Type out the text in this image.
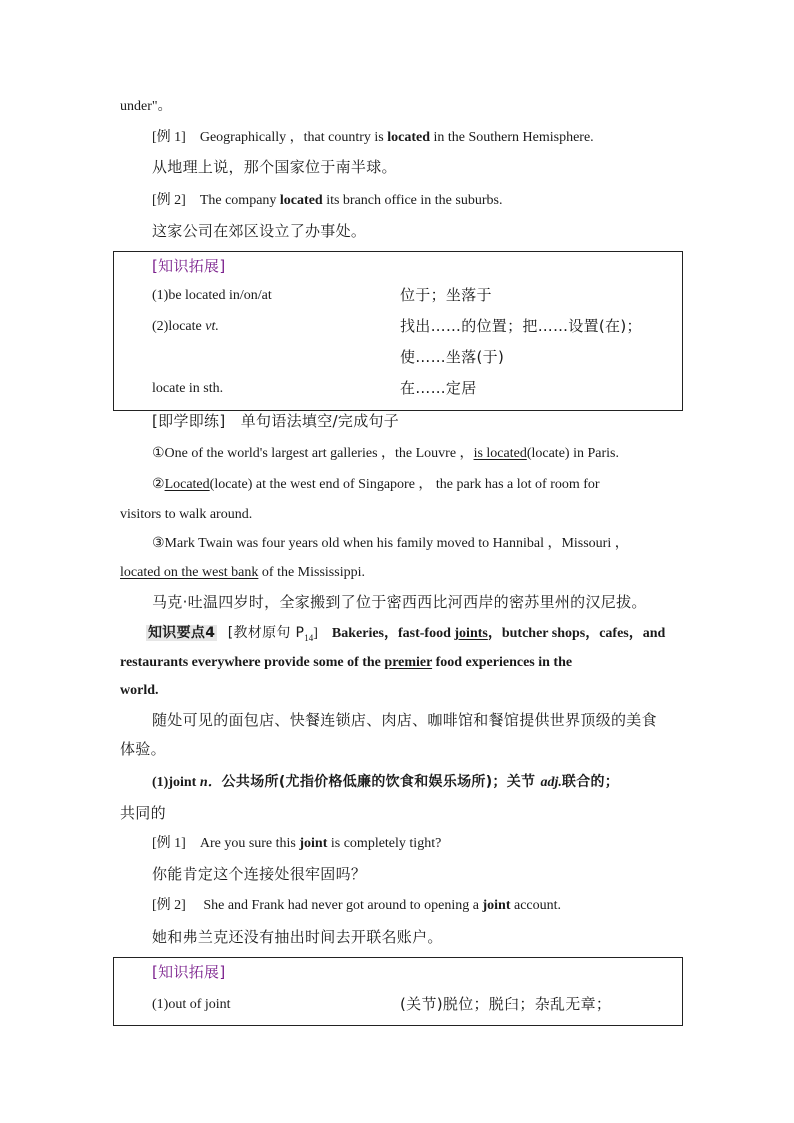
under"。
[例 1] Geographically ，that country is located in the Southern Hemisphere.
从地理上说，那个国家位于南半球。
[例 2] The company located its branch office in the suburbs.
这家公司在郊区设立了办事处。
[知识拓展]
(1)be located in/on/at	位于；坐落于
(2)locate vt.	找出……的位置；把……设置(在)；
使……坐落(于)
locate in sth.	在……定居
[即学即练] 单句语法填空/完成句子
①One of the world's largest art galleries ，the Louvre ，is located(locate) in Paris.
②Located(locate) at the west end of Singapore ， the park has a lot of room for
visitors to walk around.
③Mark Twain was four years old when his family moved to Hannibal ，Missouri ，
located on the west bank of the Mississippi.
马克·吐温四岁时，全家搬到了位于密西西比河西岸的密苏里州的汉尼拔。
知识要点4 [教材原句 $P_{14}$] Bakeries，fast-food joints，butcher shops，cafes，and
restaurants everywhere provide some of the premier food experiences in the
world.
随处可见的面包店、快餐连锁店、肉店、咖啡馆和餐馆提供世界顶级的美食
体验。
(1)joint n．公共场所(尤指价格低廉的饮食和娱乐场所)；关节 adj.联合的；
共同的
[例 1] Are you sure this joint is completely tight?
你能肯定这个连接处很牢固吗？
[例 2] She and Frank had never got around to opening a joint account.
她和弗兰克还没有抽出时间去开联名账户。
[知识拓展]
(1)out of joint	(关节)脱位；脱臼；杂乱无章；
